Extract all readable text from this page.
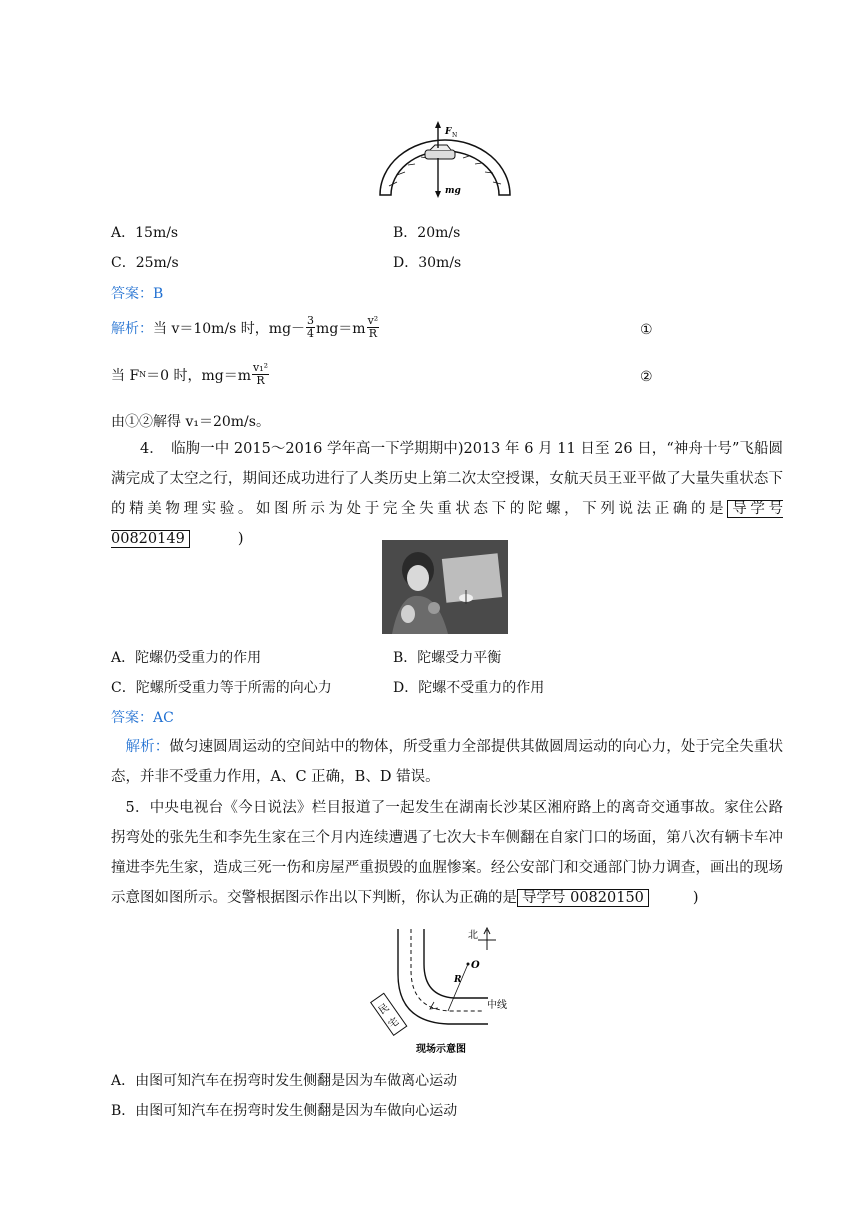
F N
mg
A．15m/s	B．20m/s
C．25m/s	D．30m/s
答案：B
解析： 当 v＝10m/s 时，$mg- \frac{3}{4} mg=m \frac{\text{v²}}{R}$	①
当 F N ＝0 时，$mg=m \frac{\text{v₁²}}{R}$	②
由①②解得 v₁＝20m/s。
4．　临朐一中 2015～2016 学年高一下学期期中)2013 年 6 月 11 日至 26 日，“神舟十号”飞船圆满完成了太空之行，期间还成功进行了人类历史上第二次太空授课，女航天员王亚平做了大量失重状态下的精美物理实验。如图所示为处于完全失重状态下的陀螺，下列说法正确的是 导学号 00820149	)
A．陀螺仍受重力的作用	B．陀螺受力平衡
C．陀螺所受重力等于所需的向心力	D．陀螺不受重力的作用
答案：AC
解析：做匀速圆周运动的空间站中的物体，所受重力全部提供其做圆周运动的向心力，处于完全失重状态，并非不受重力作用，A、C 正确，B、D 错误。
5．中央电视台《今日说法》栏目报道了一起发生在湖南长沙某区湘府路上的离奇交通事故。家住公路拐弯处的张先生和李先生家在三个月内连续遭遇了七次大卡车侧翻在自家门口的场面，第八次有辆卡车冲撞进李先生家，造成三死一伤和房屋严重损毁的血腥惨案。经公安部门和交通部门协力调查，画出的现场示意图如图所示。交警根据图示作出以下判断，你认为正确的是 导学号 00820150	)
北
O
R
中线
民
宅
现场示意图
A．由图可知汽车在拐弯时发生侧翻是因为车做离心运动
B．由图可知汽车在拐弯时发生侧翻是因为车做向心运动
